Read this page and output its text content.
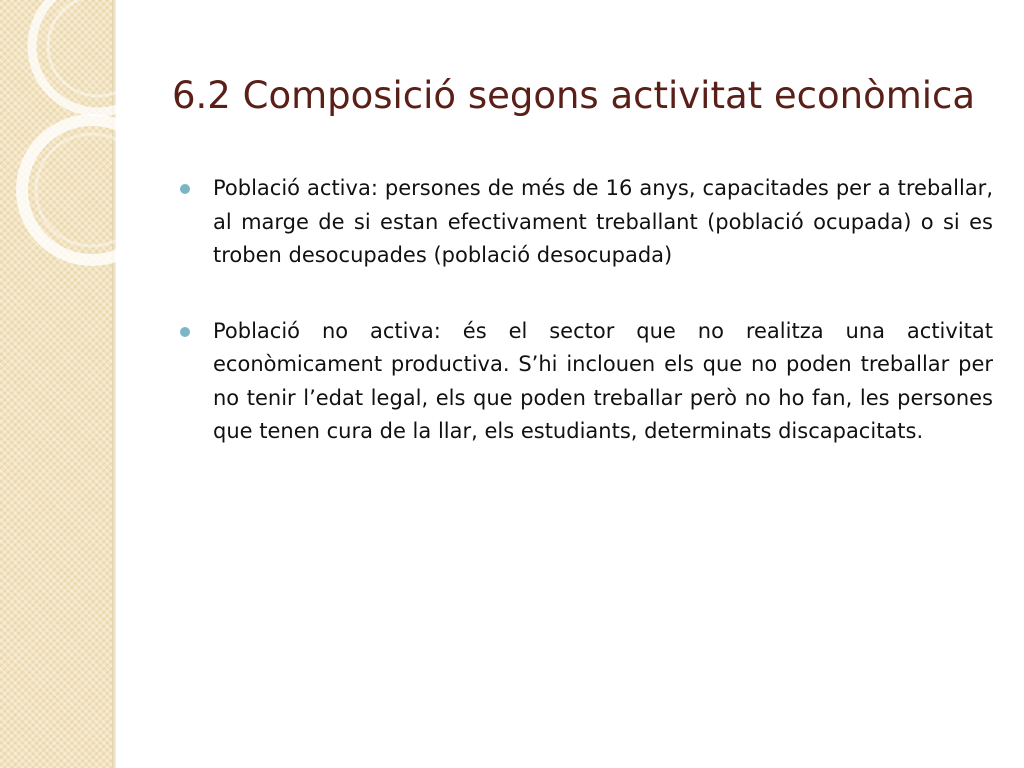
6.2 Composició segons activitat econòmica
Població activa: persones de més de 16 anys, capacitades per a treballar, al marge de si estan efectivament treballant (població ocupada) o si es troben desocupades (població desocupada)
Població no activa: és el sector que no realitza una activitat econòmicament productiva. S’hi inclouen els que no poden treballar per no tenir l’edat legal, els que poden treballar però no ho fan, les persones que tenen cura de la llar, els estudiants, determinats discapacitats.
